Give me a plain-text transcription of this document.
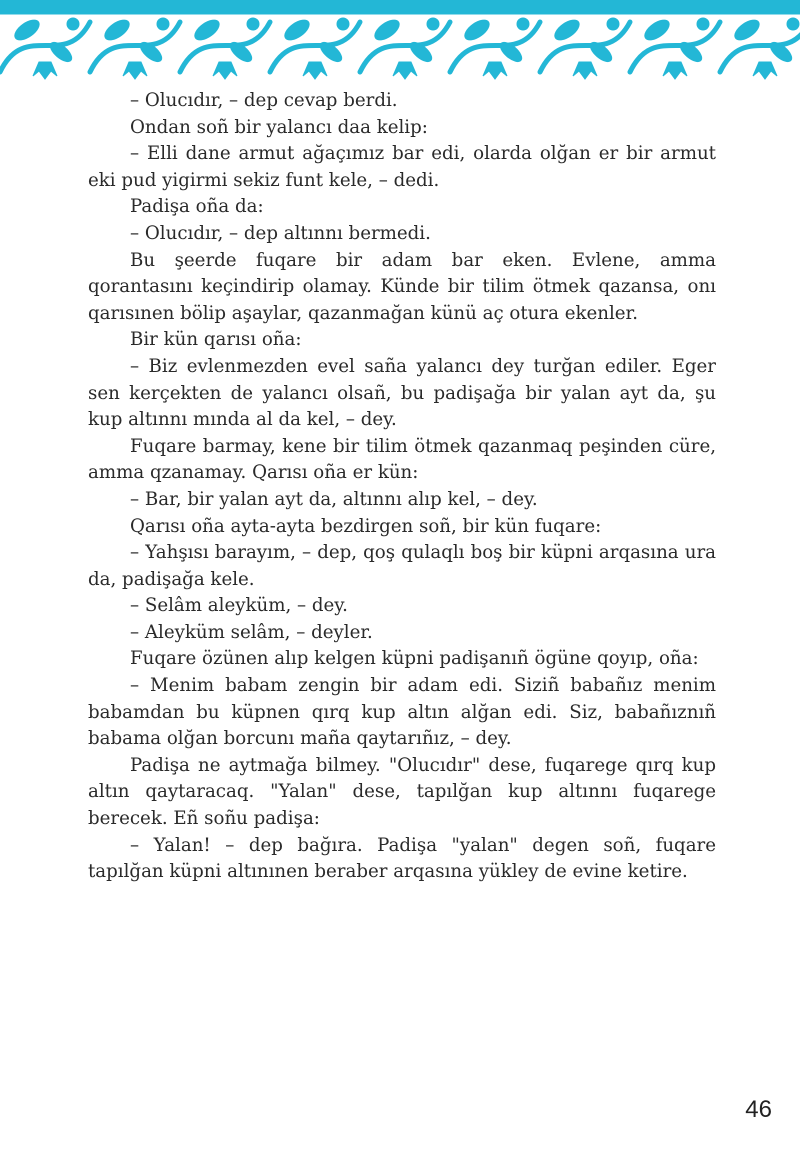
– Olucıdır, – dep cevap berdi.

Ondan soñ bir yalancı daa kelip:

– Elli dane armut ağaçımız bar edi, olarda olğan er bir armut eki pud yigirmi sekiz funt kele, – dedi.

Padişa oña da:

– Olucıdır, – dep altınnı bermedi.

Bu şeerde fuqare bir adam bar eken. Evlene, amma qorantasını keçindirip olamay. Künde bir tilim ötmek qazansa, onı qarısınen bölip aşaylar, qazanmağan künü aç otura ekenler.

Bir kün qarısı oña:

– Biz evlenmezden evel saña yalancı dey turğan ediler. Eger sen kerçekten de yalancı olsañ, bu padişağa bir yalan ayt da, şu kup altınnı mında al da kel, – dey.

Fuqare barmay, kene bir tilim ötmek qazanmaq peşinden cüre, amma qzanamay. Qarısı oña er kün:

– Bar, bir yalan ayt da, altınnı alıp kel, – dey.

Qarısı oña ayta-ayta bezdirgen soñ, bir kün fuqare:

– Yahşısı barayım, – dep, qoş qulaqlı boş bir küpni arqasına ura da, padişağa kele.

– Selâm aleyküm, – dey.

– Aleyküm selâm, – deyler.

Fuqare özünen alıp kelgen küpni padişanıñ ögüne qoyıp, oña:

– Menim babam zengin bir adam edi. Siziñ babañız menim babamdan bu küpnen qırq kup altın alğan edi. Siz, babañıznıñ babama olğan borcunı maña qaytarıñız, – dey.

Padişa ne aytmağa bilmey. "Olucıdır" dese, fuqaregе qırq kup altın qaytaracaq. "Yalan" dese, tapılğan kup altınnı fuqaregе berecek. Eñ soñu padişa:

– Yalan! – dep bağıra. Padişa "yalan" degen soñ, fuqare tapılğan küpni altınınen beraber arqasına yükley de evine ketire.

46
